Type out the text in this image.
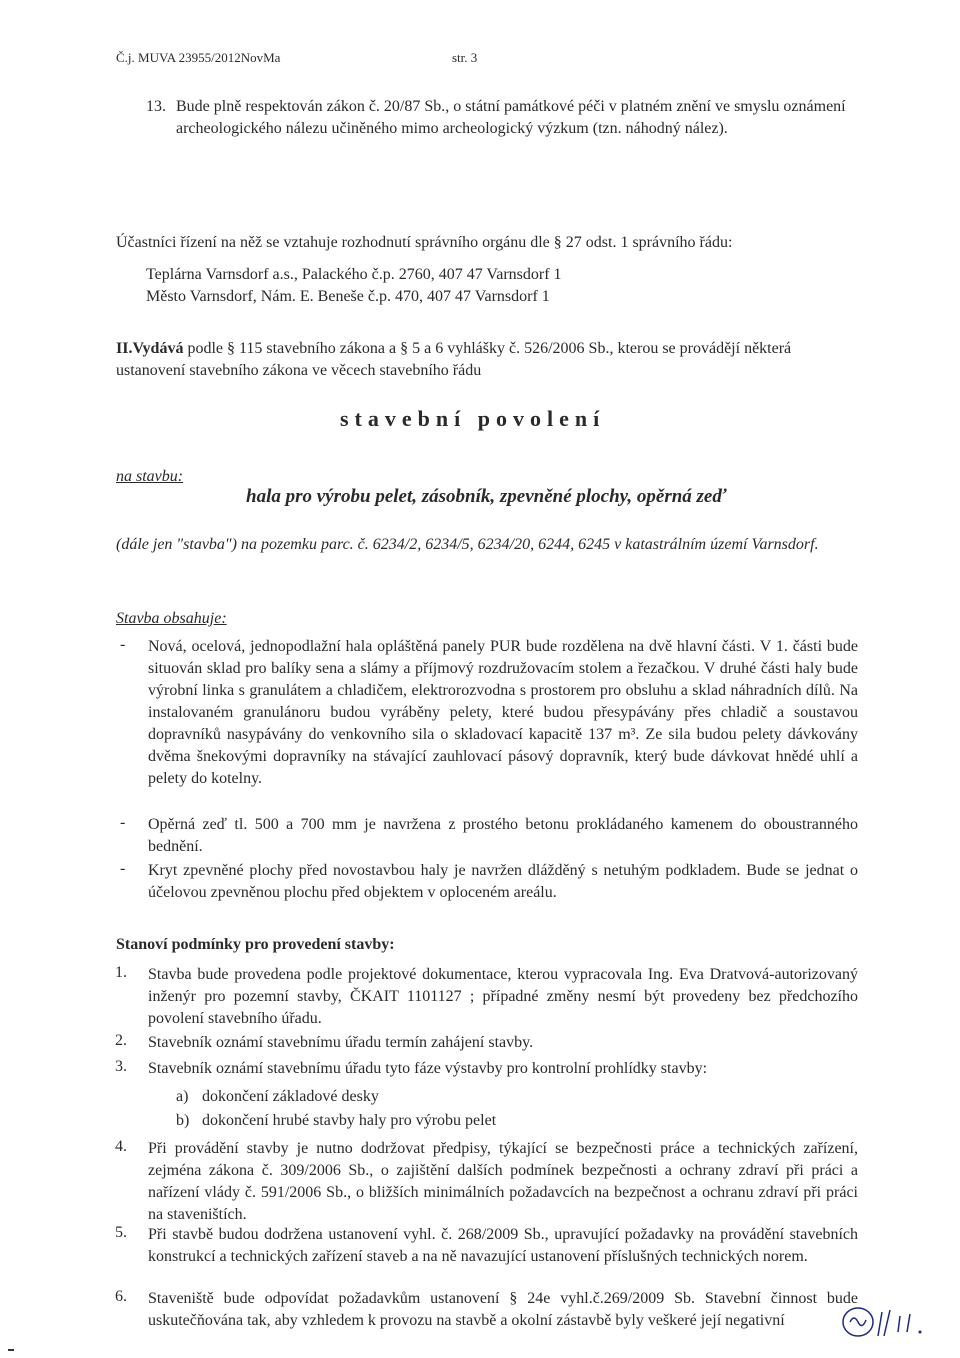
Č.j. MUVA 23955/2012NovMa	str. 3
13. Bude plně respektován zákon č. 20/87 Sb., o státní památkové péči v platném znění ve smyslu oznámení archeologického nálezu učiněného mimo archeologický výzkum (tzn. náhodný nález).
Účastníci řízení na něž se vztahuje rozhodnutí správního orgánu dle § 27 odst. 1 správního řádu:
Teplárna Varnsdorf a.s., Palackého č.p. 2760, 407 47 Varnsdorf 1
Město Varnsdorf, Nám. E. Beneše č.p. 470, 407 47 Varnsdorf 1
II.Vydává podle § 115 stavebního zákona a § 5 a 6 vyhlášky č. 526/2006 Sb., kterou se provádějí některá ustanovení stavebního zákona ve věcech stavebního řádu
stavební povolení
na stavbu:
hala pro výrobu pelet, zásobník, zpevněné plochy, opěrná zeď
(dále jen "stavba") na pozemku parc. č. 6234/2, 6234/5, 6234/20, 6244, 6245 v katastrálním území Varnsdorf.
Stavba obsahuje:
- Nová, ocelová, jednopodlažní hala opláštěná panely PUR bude rozdělena na dvě hlavní části. V 1. části bude situován sklad pro balíky sena a slámy a příjmový rozdružovacím stolem a řezačkou. V druhé části haly bude výrobní linka s granulátem a chladičem, elektrorozvodna s prostorem pro obsluhu a sklad náhradních dílů. Na instalovaném granulánoru budou vyráběny pelety, které budou přesypávány přes chladič a soustavou dopravníků nasypávány do venkovního sila o skladovací kapacitě 137 m³. Ze sila budou pelety dávkovány dvěma šnekovými dopravníky na stávající zauhlovací pásový dopravník, který bude dávkovat hnědé uhlí a pelety do kotelny.
- Opěrná zeď tl. 500 a 700 mm je navržena z prostého betonu prokládaného kamenem do oboustranného bednění.
- Kryt zpevněné plochy před novostavbou haly je navržen dlážděný s netuhým podkladem. Bude se jednat o účelovou zpevněnou plochu před objektem v oploceném areálu.
Stanoví podmínky pro provedení stavby:
1. Stavba bude provedena podle projektové dokumentace, kterou vypracovala Ing. Eva Dratvová-autorizovaný inženýr pro pozemní stavby, ČKAIT 1101127 ; případné změny nesmí být provedeny bez předchozího povolení stavebního úřadu.
2. Stavebník oznámí stavebnímu úřadu termín zahájení stavby.
3. Stavebník oznámí stavebnímu úřadu tyto fáze výstavby pro kontrolní prohlídky stavby:
a) dokončení základové desky
b) dokončení hrubé stavby haly pro výrobu pelet
4. Při provádění stavby je nutno dodržovat předpisy, týkající se bezpečnosti práce a technických zařízení, zejména zákona č. 309/2006 Sb., o zajištění dalších podmínek bezpečnosti a ochrany zdraví při práci a nařízení vlády č. 591/2006 Sb., o bližších minimálních požadavcích na bezpečnost a ochranu zdraví při práci na staveništích.
5. Při stavbě budou dodržena ustanovení vyhl. č. 268/2009 Sb., upravující požadavky na provádění stavebních konstrukcí a technických zařízení staveb a na ně navazující ustanovení příslušných technických norem.
6. Staveniště bude odpovídat požadavkům ustanovení § 24e vyhl.č.269/2009 Sb. Stavební činnost bude uskutečňována tak, aby vzhledem k provozu na stavbě a okolní zástavbě byly veškeré její negativní
